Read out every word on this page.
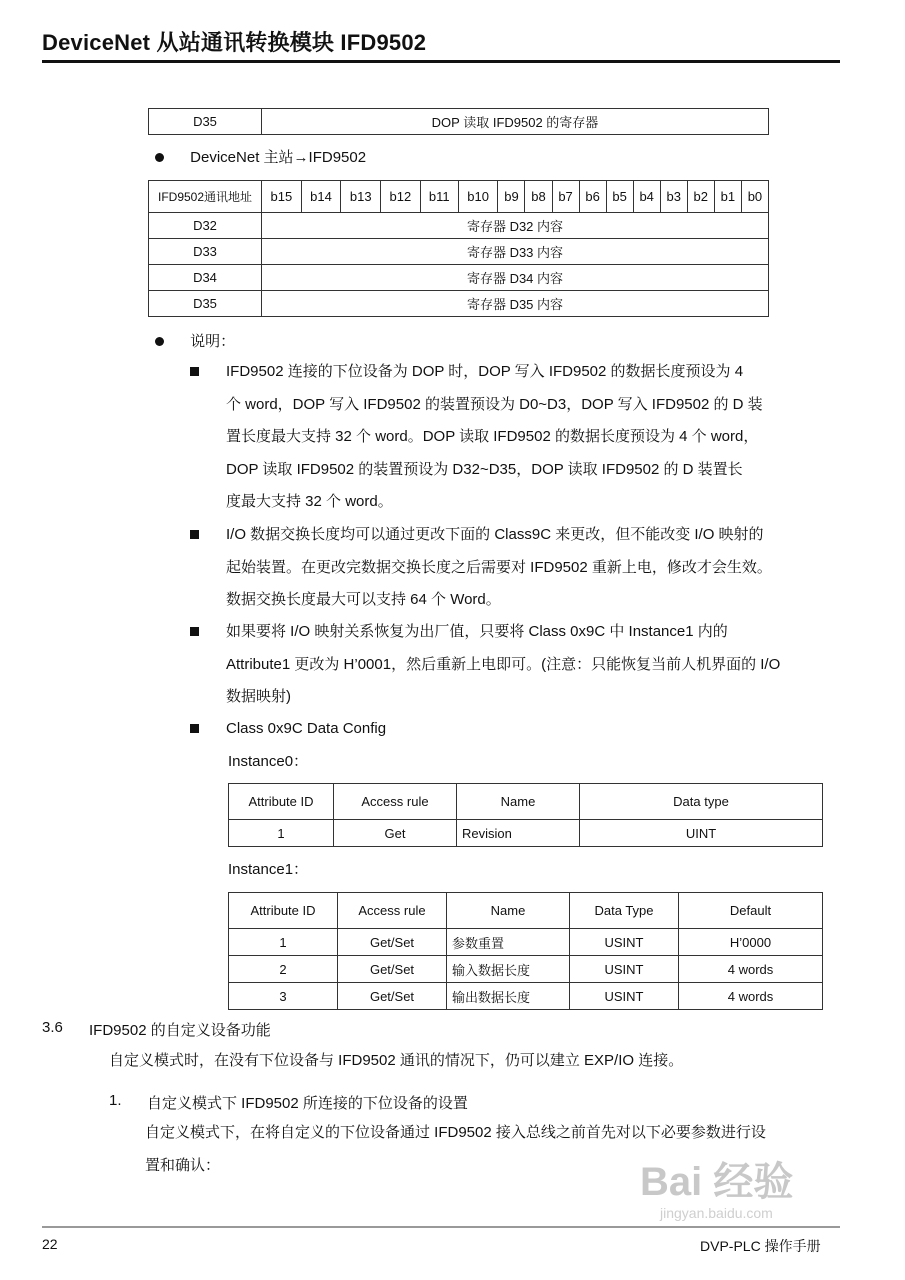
DeviceNet 从站通讯转换模块 IFD9502
D35	DOP 读取 IFD9502 的寄存器
DeviceNet 主站→IFD9502
IFD9502通讯地址	b15	b14	b13	b12	b11	b10	b9	b8	b7	b6	b5	b4	b3	b2	b1	b0
D32	寄存器 D32 内容															
D33	寄存器 D33 内容															
D34	寄存器 D34 内容															
D35	寄存器 D35 内容															
说明：
IFD9502 连接的下位设备为 DOP 时，DOP 写入 IFD9502 的数据长度预设为 4
个 word，DOP 写入 IFD9502 的装置预设为 D0~D3，DOP 写入 IFD9502 的 D 装
置长度最大支持 32 个 word。DOP 读取 IFD9502 的数据长度预设为 4 个 word，
DOP 读取 IFD9502 的装置预设为 D32~D35，DOP 读取 IFD9502 的 D 装置长
度最大支持 32 个 word。
I/O 数据交换长度均可以通过更改下面的 Class9C 来更改，但不能改变 I/O 映射的
起始装置。在更改完数据交换长度之后需要对 IFD9502 重新上电，修改才会生效。
数据交换长度最大可以支持 64 个 Word。
如果要将 I/O 映射关系恢复为出厂值，只要将 Class 0x9C 中 Instance1 内的
Attribute1 更改为 H’0001，然后重新上电即可。(注意：只能恢复当前人机界面的 I/O
数据映射)
Class 0x9C Data Config
Instance0：
Attribute ID	Access rule	Name	Data type
1	Get	Revision	UINT
Instance1：
Attribute ID	Access rule	Name	Data Type	Default
1	Get/Set	参数重置	USINT	H’0000
2	Get/Set	输入数据长度	USINT	4 words
3	Get/Set	输出数据长度	USINT	4 words
3.6 IFD9502 的自定义设备功能
自定义模式时，在没有下位设备与 IFD9502 通讯的情况下，仍可以建立 EXP/IO 连接。
1. 自定义模式下 IFD9502 所连接的下位设备的设置
自定义模式下，在将自定义的下位设备通过 IFD9502 接入总线之前首先对以下必要参数进行设
置和确认：	Bai 经验
jingyan.baidu.com
22	DVP-PLC 操作手册
